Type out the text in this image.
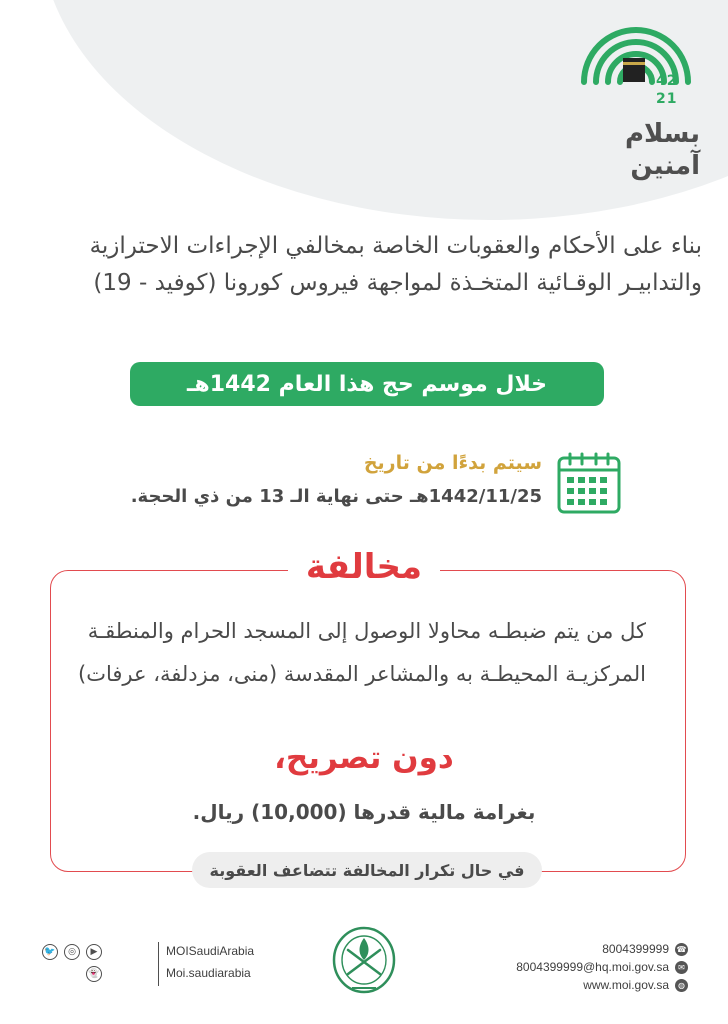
42
21
بسلام
آمنين
بناء على الأحكام والعقوبات الخاصة بمخالفي الإجراءات الاحترازية والتدابيـر الوقـائية المتخـذة لمواجهة فيروس كورونا (كوفيد - 19)
خلال موسم حج هذا العام 1442هـ
سيتم بدءًا من تاريخ
1442/11/25هـ حتى نهاية الـ 13 من ذي الحجة.
مخالفة
كل من يتم ضبطـه محاولا الوصول إلى المسجد الحرام والمنطقـة المركزيـة المحيطـة به والمشاعر المقدسة (منى، مزدلفة، عرفات)
دون تصريح،
بغرامة مالية قدرها (10,000) ريال.
في حال تكرار المخالفة تتضاعف العقوبة
🐦	◎	▶
👻
MOISaudiArabia
Moi.saudiarabia
8004399999 ☎
8004399999@hq.moi.gov.sa	✉
www.moi.gov.sa	◍
